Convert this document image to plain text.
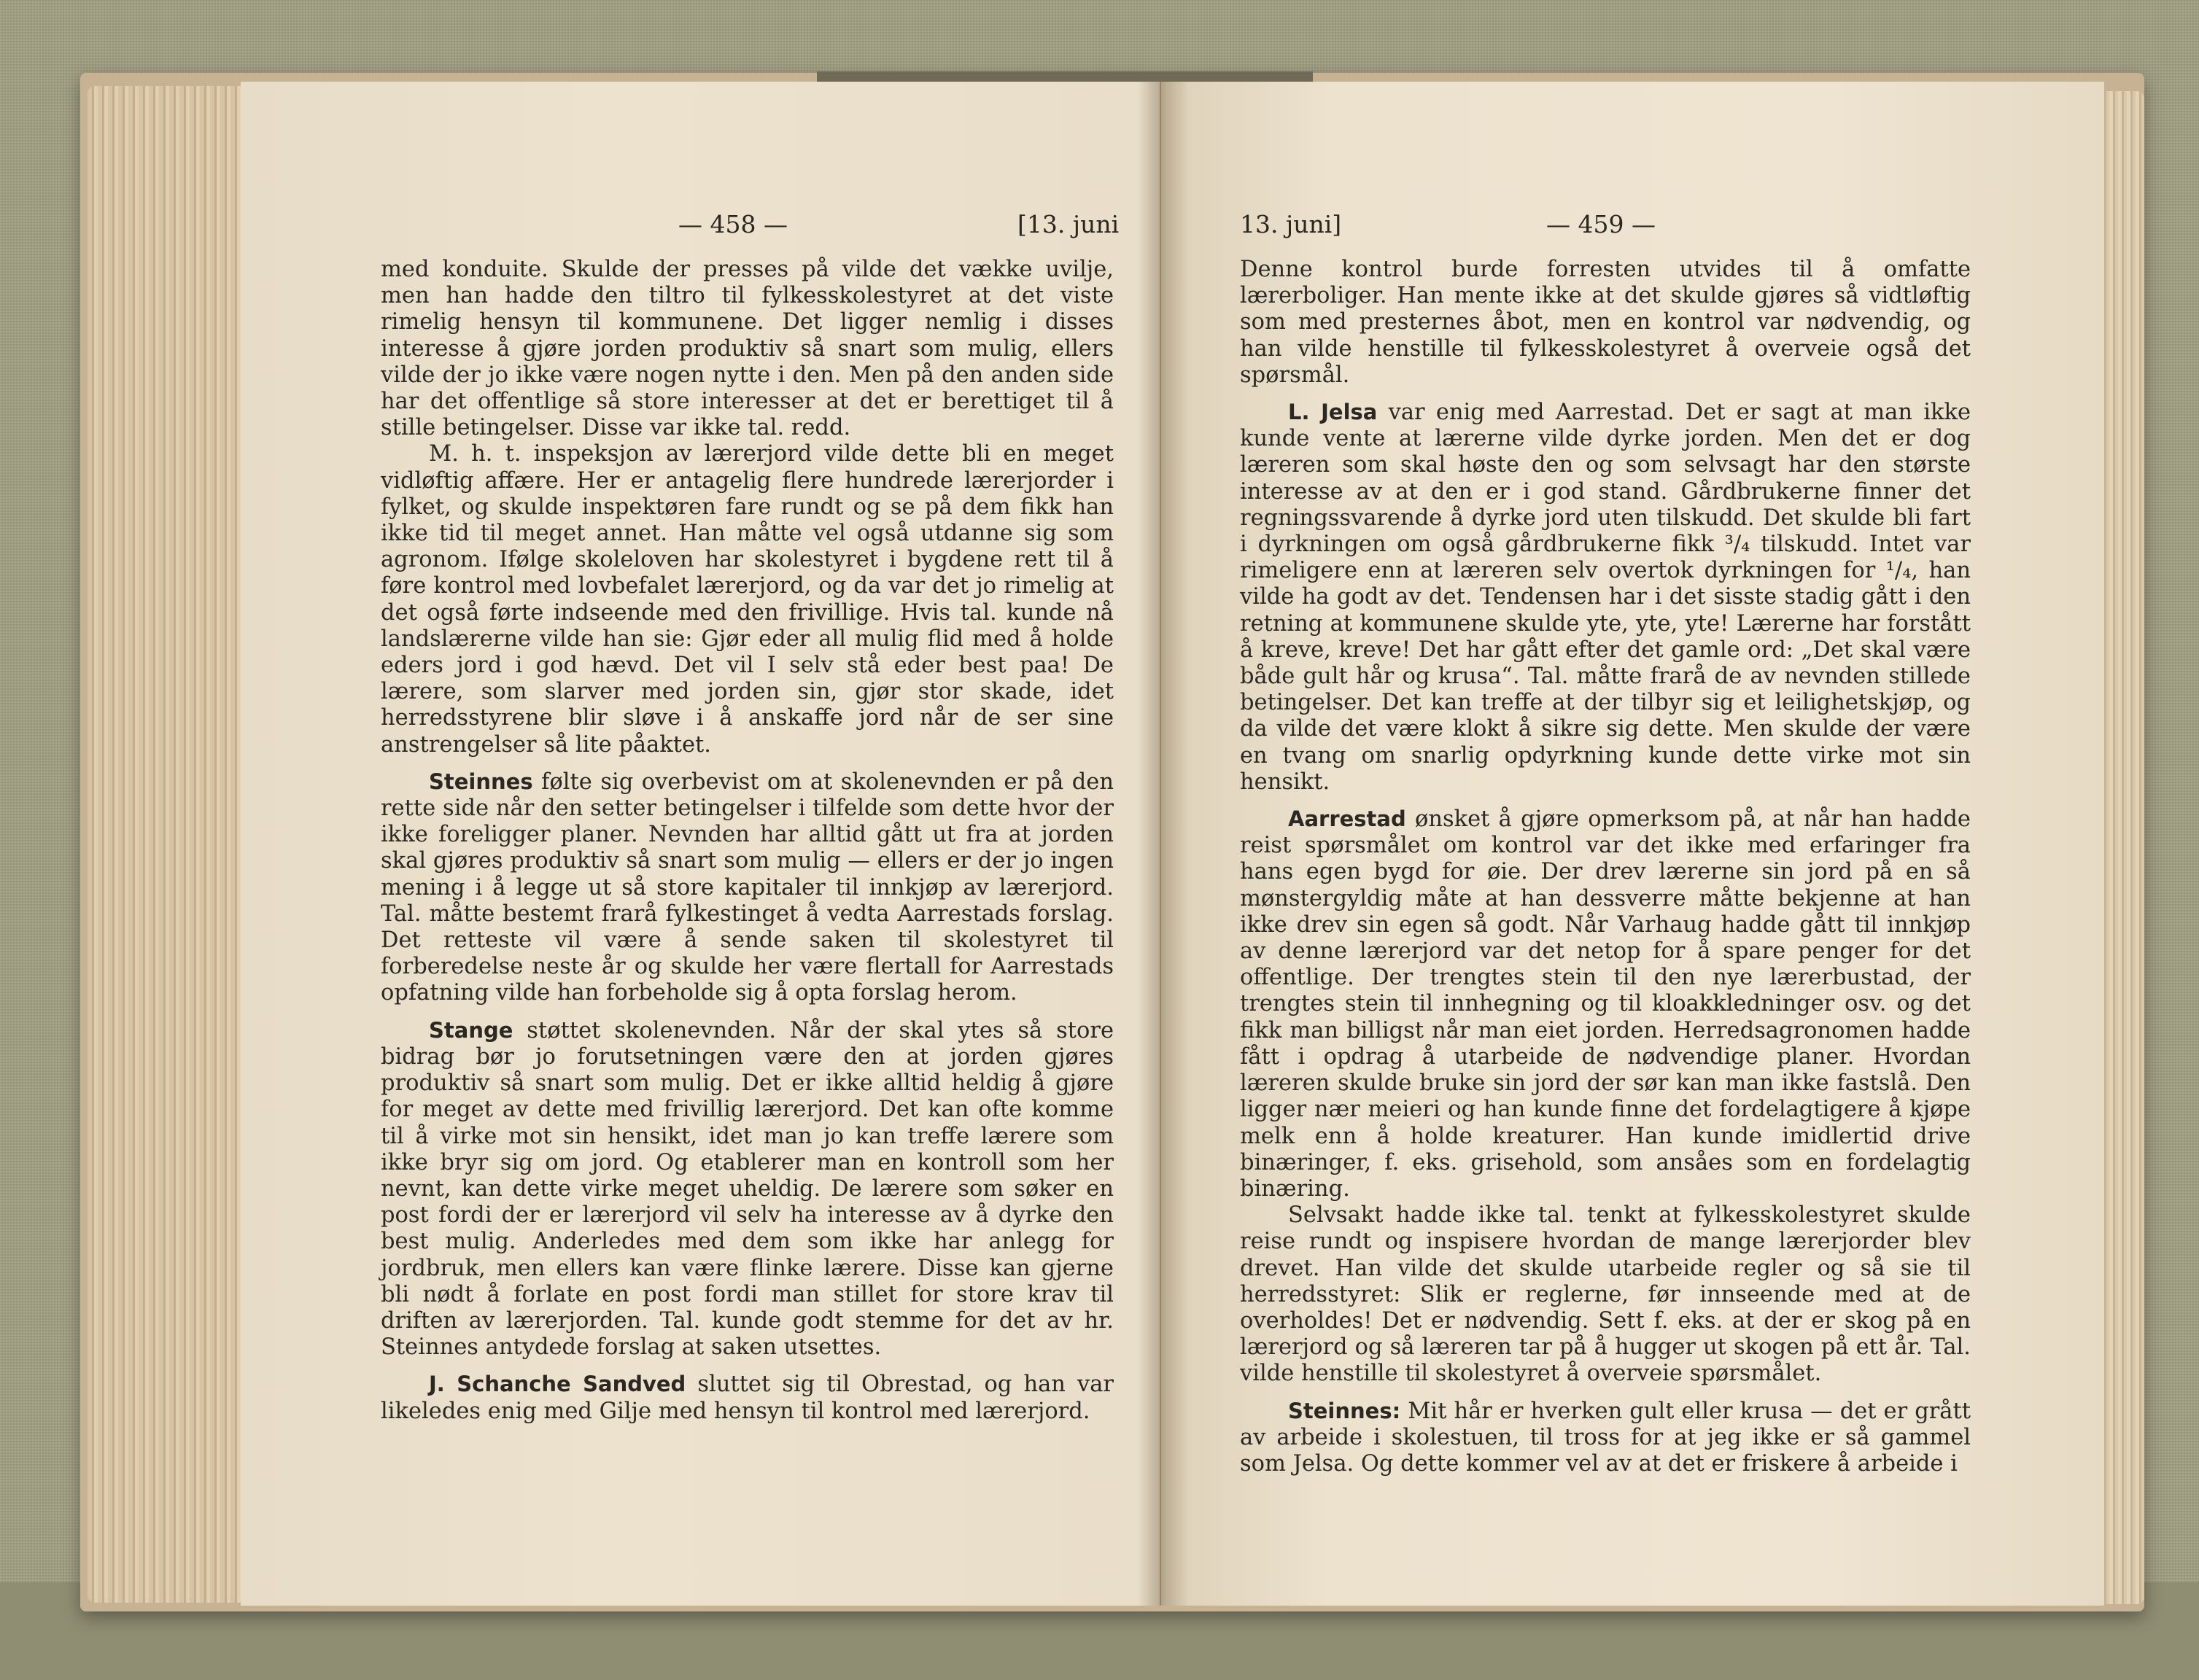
— 458 —	[13. juni	13. juni]	— 459 —

med konduite. Skulde der presses på vilde det vække uvilje, men han hadde den tiltro til fylkesskolestyret at det viste rimelig hensyn til kommunene. Det ligger nemlig i disses interesse å gjøre jorden produktiv så snart som mulig, ellers vilde der jo ikke være nogen nytte i den. Men på den anden side har det offentlige så store interesser at det er berettiget til å stille betingelser. Disse var ikke tal. redd.

M. h. t. inspeksjon av lærerjord vilde dette bli en meget vidløftig affære. Her er antagelig flere hundrede lærerjorder i fylket, og skulde inspektøren fare rundt og se på dem fikk han ikke tid til meget annet. Han måtte vel også utdanne sig som agronom. Ifølge skoleloven har skolestyret i bygdene rett til å føre kontrol med lovbefalet lærerjord, og da var det jo rimelig at det også førte indseende med den frivillige. Hvis tal. kunde nå landslærerne vilde han sie: Gjør eder all mulig flid med å holde eders jord i god hævd. Det vil I selv stå eder best paa! De lærere, som slarver med jorden sin, gjør stor skade, idet herredsstyrene blir sløve i å anskaffe jord når de ser sine anstrengelser så lite påaktet.

Steinnes følte sig overbevist om at skolenevnden er på den rette side når den setter betingelser i tilfelde som dette hvor der ikke foreligger planer. Nevnden har alltid gått ut fra at jorden skal gjøres produktiv så snart som mulig — ellers er der jo ingen mening i å legge ut så store kapitaler til innkjøp av lærerjord. Tal. måtte bestemt frarå fylkestinget å vedta Aarrestads forslag. Det retteste vil være å sende saken til skolestyret til forberedelse neste år og skulde her være flertall for Aarrestads opfatning vilde han forbeholde sig å opta forslag herom.

Stange støttet skolenevnden. Når der skal ytes så store bidrag bør jo forutsetningen være den at jorden gjøres produktiv så snart som mulig. Det er ikke alltid heldig å gjøre for meget av dette med frivillig lærerjord. Det kan ofte komme til å virke mot sin hensikt, idet man jo kan treffe lærere som ikke bryr sig om jord. Og etablerer man en kontroll som her nevnt, kan dette virke meget uheldig. De lærere som søker en post fordi der er lærerjord vil selv ha interesse av å dyrke den best mulig. Anderledes med dem som ikke har anlegg for jordbruk, men ellers kan være flinke lærere. Disse kan gjerne bli nødt å forlate en post fordi man stillet for store krav til driften av lærerjorden. Tal. kunde godt stemme for det av hr. Steinnes antydede forslag at saken utsettes.

J. Schanche Sandved sluttet sig til Obrestad, og han var likeledes enig med Gilje med hensyn til kontrol med lærerjord.

Denne kontrol burde forresten utvides til å omfatte lærerboliger. Han mente ikke at det skulde gjøres så vidtløftig som med presternes åbot, men en kontrol var nødvendig, og han vilde henstille til fylkesskolestyret å overveie også det spørsmål.

L. Jelsa var enig med Aarrestad. Det er sagt at man ikke kunde vente at lærerne vilde dyrke jorden. Men det er dog læreren som skal høste den og som selvsagt har den største interesse av at den er i god stand. Gårdbrukerne finner det regningssvarende å dyrke jord uten tilskudd. Det skulde bli fart i dyrkningen om også gårdbrukerne fikk ³/₄ tilskudd. Intet var rimeligere enn at læreren selv overtok dyrkningen for ¹/₄, han vilde ha godt av det. Tendensen har i det sisste stadig gått i den retning at kommunene skulde yte, yte, yte! Lærerne har forstått å kreve, kreve! Det har gått efter det gamle ord: „Det skal være både gult hår og krusa“. Tal. måtte frarå de av nevnden stillede betingelser. Det kan treffe at der tilbyr sig et leilighetskjøp, og da vilde det være klokt å sikre sig dette. Men skulde der være en tvang om snarlig opdyrkning kunde dette virke mot sin hensikt.

Aarrestad ønsket å gjøre opmerksom på, at når han hadde reist spørsmålet om kontrol var det ikke med erfaringer fra hans egen bygd for øie. Der drev lærerne sin jord på en så mønstergyldig måte at han dessverre måtte bekjenne at han ikke drev sin egen så godt. Når Varhaug hadde gått til innkjøp av denne lærerjord var det netop for å spare penger for det offentlige. Der trengtes stein til den nye lærerbustad, der trengtes stein til innhegning og til kloakkledninger osv. og det fikk man billigst når man eiet jorden. Herredsagronomen hadde fått i opdrag å utarbeide de nødvendige planer. Hvordan læreren skulde bruke sin jord der sør kan man ikke fastslå. Den ligger nær meieri og han kunde finne det fordelagtigere å kjøpe melk enn å holde kreaturer. Han kunde imidlertid drive binæringer, f. eks. grisehold, som ansåes som en fordelagtig binæring.

Selvsakt hadde ikke tal. tenkt at fylkesskolestyret skulde reise rundt og inspisere hvordan de mange lærerjorder blev drevet. Han vilde det skulde utarbeide regler og så sie til herredsstyret: Slik er reglerne, før innseende med at de overholdes! Det er nødvendig. Sett f. eks. at der er skog på en lærerjord og så læreren tar på å hugger ut skogen på ett år. Tal. vilde henstille til skolestyret å overveie spørsmålet.

Steinnes: Mit hår er hverken gult eller krusa — det er grått av arbeide i skolestuen, til tross for at jeg ikke er så gammel som Jelsa. Og dette kommer vel av at det er friskere å arbeide i
